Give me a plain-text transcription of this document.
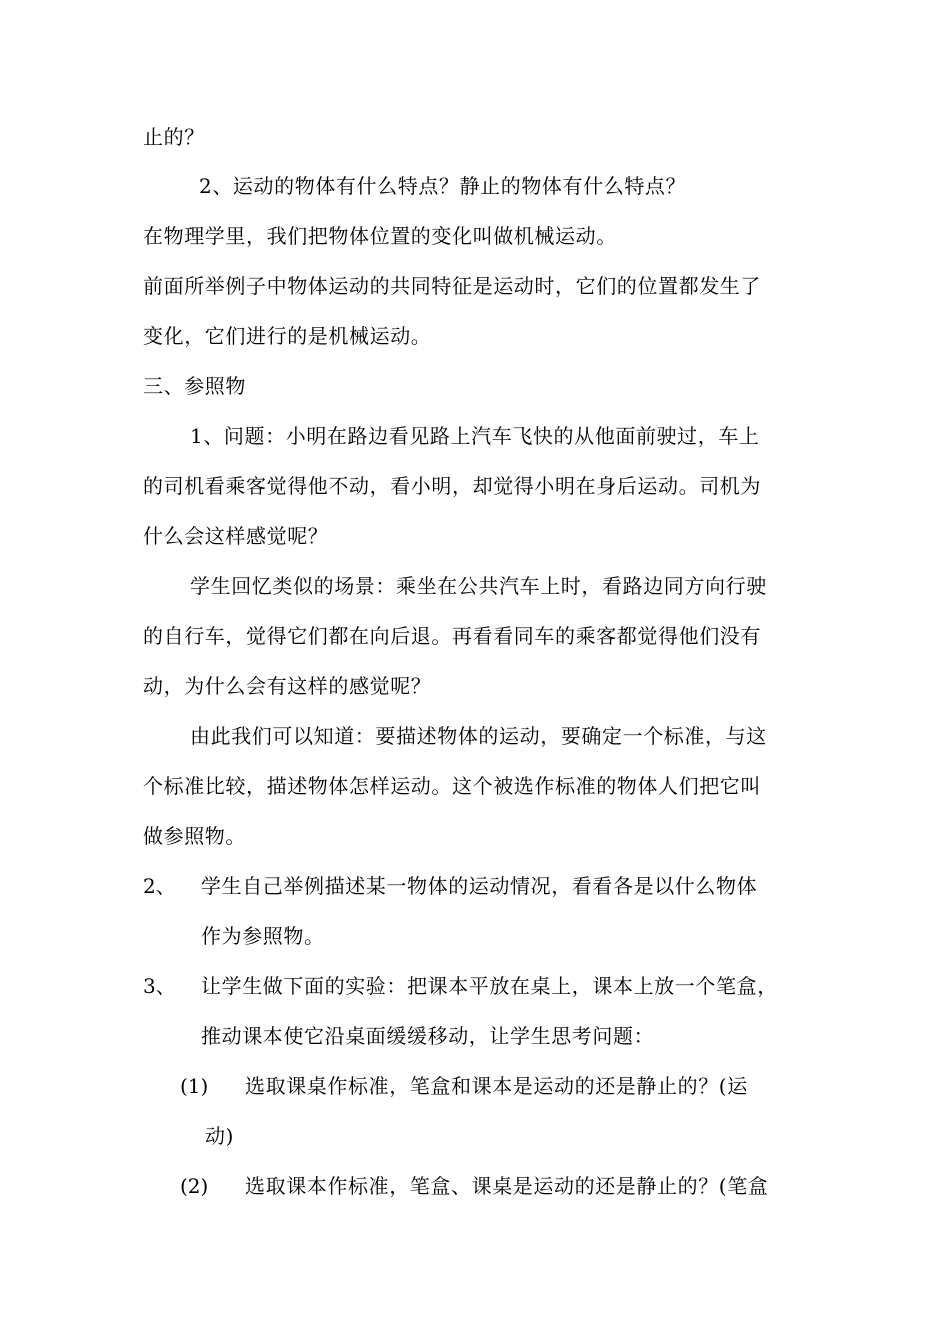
止的？
2、运动的物体有什么特点？静止的物体有什么特点？
在物理学里，我们把物体位置的变化叫做机械运动。
前面所举例子中物体运动的共同特征是运动时，它们的位置都发生了
变化，它们进行的是机械运动。
三、参照物
1、问题：小明在路边看见路上汽车飞快的从他面前驶过，车上
的司机看乘客觉得他不动，看小明，却觉得小明在身后运动。司机为
什么会这样感觉呢？
学生回忆类似的场景：乘坐在公共汽车上时，看路边同方向行驶
的自行车，觉得它们都在向后退。再看看同车的乘客都觉得他们没有
动，为什么会有这样的感觉呢？
由此我们可以知道：要描述物体的运动，要确定一个标准，与这
个标准比较，描述物体怎样运动。这个被选作标准的物体人们把它叫
做参照物。
2、 学生自己举例描述某一物体的运动情况，看看各是以什么物体
作为参照物。
3、 让学生做下面的实验：把课本平放在桌上，课本上放一个笔盒，
推动课本使它沿桌面缓缓移动，让学生思考问题：
(1) 选取课桌作标准，笔盒和课本是运动的还是静止的？(运
动)
(2) 选取课本作标准，笔盒、课桌是运动的还是静止的？(笔盒
